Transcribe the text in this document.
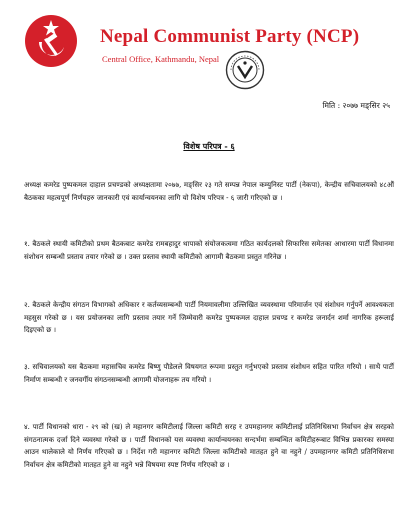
Nepal Communist Party (NCP)
Central Office, Kathmandu, Nepal
मिति : २०७७ मङ्सिर २५
विशेष परिपत्र - ६

अध्यक्ष कमरेड पुष्पकमल दाहाल प्रचण्डको अध्यक्षतामा २०७७, मङ्सिर २३ गते सम्पन्न नेपाल कम्युनिस्ट पार्टी (नेकपा), केन्द्रीय सचिवालयको ४८औं बैठकका महत्वपूर्ण निर्णयहरु जानकारी एवं कार्यान्वयनका लागि यो विशेष परिपत्र - ६ जारी गरिएको छ ।

१. बैठकले स्थायी कमिटीको प्रथम बैठकबाट कमरेड रामबहादुर थापाको संयोजकत्वमा गठित कार्यदलको सिफारिस समेतका आधारमा पार्टी विधानमा संशोधन सम्बन्धी प्रस्ताव तयार गरेको छ । उक्त प्रस्ताव स्थायी कमिटीको आगामी बैठकमा प्रस्तुत गरिनेछ ।

२. बैठकले केन्द्रीय संगठन विभागको अधिकार र कर्तव्यसम्बन्धी पार्टी नियमावलीमा उल्लिखित व्यवस्थामा परिमार्जन एवं संशोधन गर्नुपर्ने आवश्यकता महसुस गरेको छ । यस प्रयोजनका लागि प्रस्ताव तयार गर्ने जिम्मेवारी कमरेड पुष्पकमल दाहाल प्रचण्ड र कमरेड जनार्दन शर्मा नागरिक हरूलाई दिइएको छ ।

३. सचिवालयको यस बैठकमा महासचिव कमरेड बिष्णु पौडेलले विषयगत रूपमा प्रस्तुत गर्नुभएको प्रस्ताव संशोधन सहित पारित गरियो । साथै पार्टी निर्माण सम्बन्धी र जनवर्गीय संगठनसम्बन्धी आगामी योजनाहरू तय गरियो ।

४. पार्टी विधानको धारा - २९ को (ख) ले महानगर कमिटीलाई जिल्ला कमिटी सरह र उपमहानगर कमिटीलाई प्रतिनिधिसभा निर्वाचन क्षेत्र सरहको संगठनात्मक दर्जा दिने व्यवस्था गरेको छ । पार्टी विधानको यस व्यवस्था कार्यान्वयनका सन्दर्भमा सम्बन्धित कमिटीहरूबाट विभिन्न प्रकारका समस्या आउन थालेकाले यो निर्णय गरिएको छ । निर्देश गरी महानगर कमिटी जिल्ला कमिटीको मातहत हुने वा नहुने / उपमहानगर कमिटी प्रतिनिधिसभा निर्वाचन क्षेत्र कमिटीको मातहत हुने वा नहुने भन्ने विषयमा स्पष्ट निर्णय गरिएको छ ।
